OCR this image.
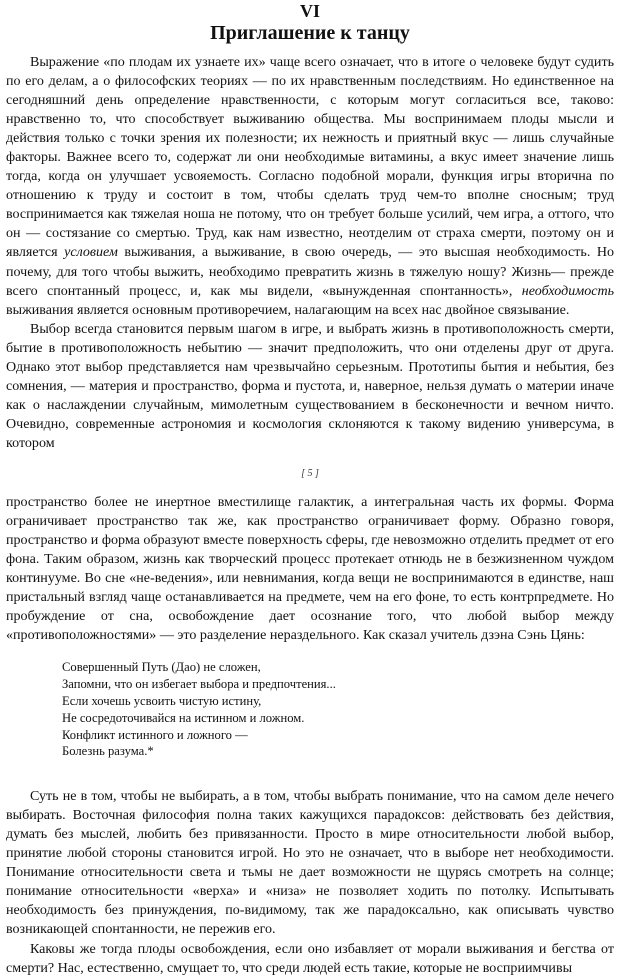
VI
Приглашение к танцу

Выражение «по плодам их узнаете их» чаще всего означает, что в итоге о человеке будут судить по его делам, а о философских теориях — по их нравственным последствиям. Но единственное на сегодняшний день определение нравственности, с которым могут согласиться все, таково: нравственно то, что способствует выживанию общества. Мы воспринимаем плоды мысли и действия только с точки зрения их полезности; их нежность и приятный вкус — лишь случайные факторы. Важнее всего то, содержат ли они необходимые витамины, а вкус имеет значение лишь тогда, когда он улучшает усвояемость. Согласно подобной морали, функция игры вторична по отношению к труду и состоит в том, чтобы сделать труд чем-то вполне сносным; труд воспринимается как тяжелая ноша не потому, что он требует больше усилий, чем игра, а оттого, что он — состязание со смертью. Труд, как нам известно, неотделим от страха смерти, поэтому он и является условием выживания, а выживание, в свою очередь, — это высшая необходимость. Но почему, для того чтобы выжить, необходимо превратить жизнь в тяжелую ношу? Жизнь— прежде всего спонтанный процесс, и, как мы видели, «вынужденная спонтанность», необходимость выживания является основным противоречием, налагающим на всех нас двойное связывание.

Выбор всегда становится первым шагом в игре, и выбрать жизнь в противоположность смерти, бытие в противоположность небытию — значит предположить, что они отделены друг от друга. Однако этот выбор представляется нам чрезвычайно серьезным. Прототипы бытия и небытия, без сомнения, — материя и пространство, форма и пустота, и, наверное, нельзя думать о материи иначе как о наслаждении случайным, мимолетным существованием в бесконечности и вечном ничто. Очевидно, современные астрономия и космология склоняются к такому видению универсума, в котором

[ 5 ]

пространство более не инертное вместилище галактик, а интегральная часть их формы. Форма ограничивает пространство так же, как пространство ограничивает форму. Образно говоря, пространство и форма образуют вместе поверхность сферы, где невозможно отделить предмет от его фона. Таким образом, жизнь как творческий процесс протекает отнюдь не в безжизненном чуждом континууме. Во сне «не-ведения», или невнимания, когда вещи не воспринимаются в единстве, наш пристальный взгляд чаще останавливается на предмете, чем на его фоне, то есть контрпредмете. Но пробуждение от сна, освобождение дает осознание того, что любой выбор между «противоположностями» — это разделение нераздельного. Как сказал учитель дзэна Сэнь Цянь:

Совершенный Путь (Дао) не сложен,
Запомни, что он избегает выбора и предпочтения...
Если хочешь усвоить чистую истину,
Не сосредоточивайся на истинном и ложном.
Конфликт истинного и ложного —
Болезнь разума.*

Суть не в том, чтобы не выбирать, а в том, чтобы выбрать понимание, что на самом деле нечего выбирать. Восточная философия полна таких кажущихся парадоксов: действовать без действия, думать без мыслей, любить без привязанности. Просто в мире относительности любой выбор, принятие любой стороны становится игрой. Но это не означает, что в выборе нет необходимости. Понимание относительности света и тьмы не дает возможности не щурясь смотреть на солнце; понимание относительности «верха» и «низа» не позволяет ходить по потолку. Испытывать необходимость без принуждения, по-видимому, так же парадоксально, как описывать чувство возникающей спонтанности, не пережив его.

Каковы же тогда плоды освобождения, если оно избавляет от морали выживания и бегства от смерти? Нас, естественно, смущает то, что среди людей есть такие, которые не восприимчивы
